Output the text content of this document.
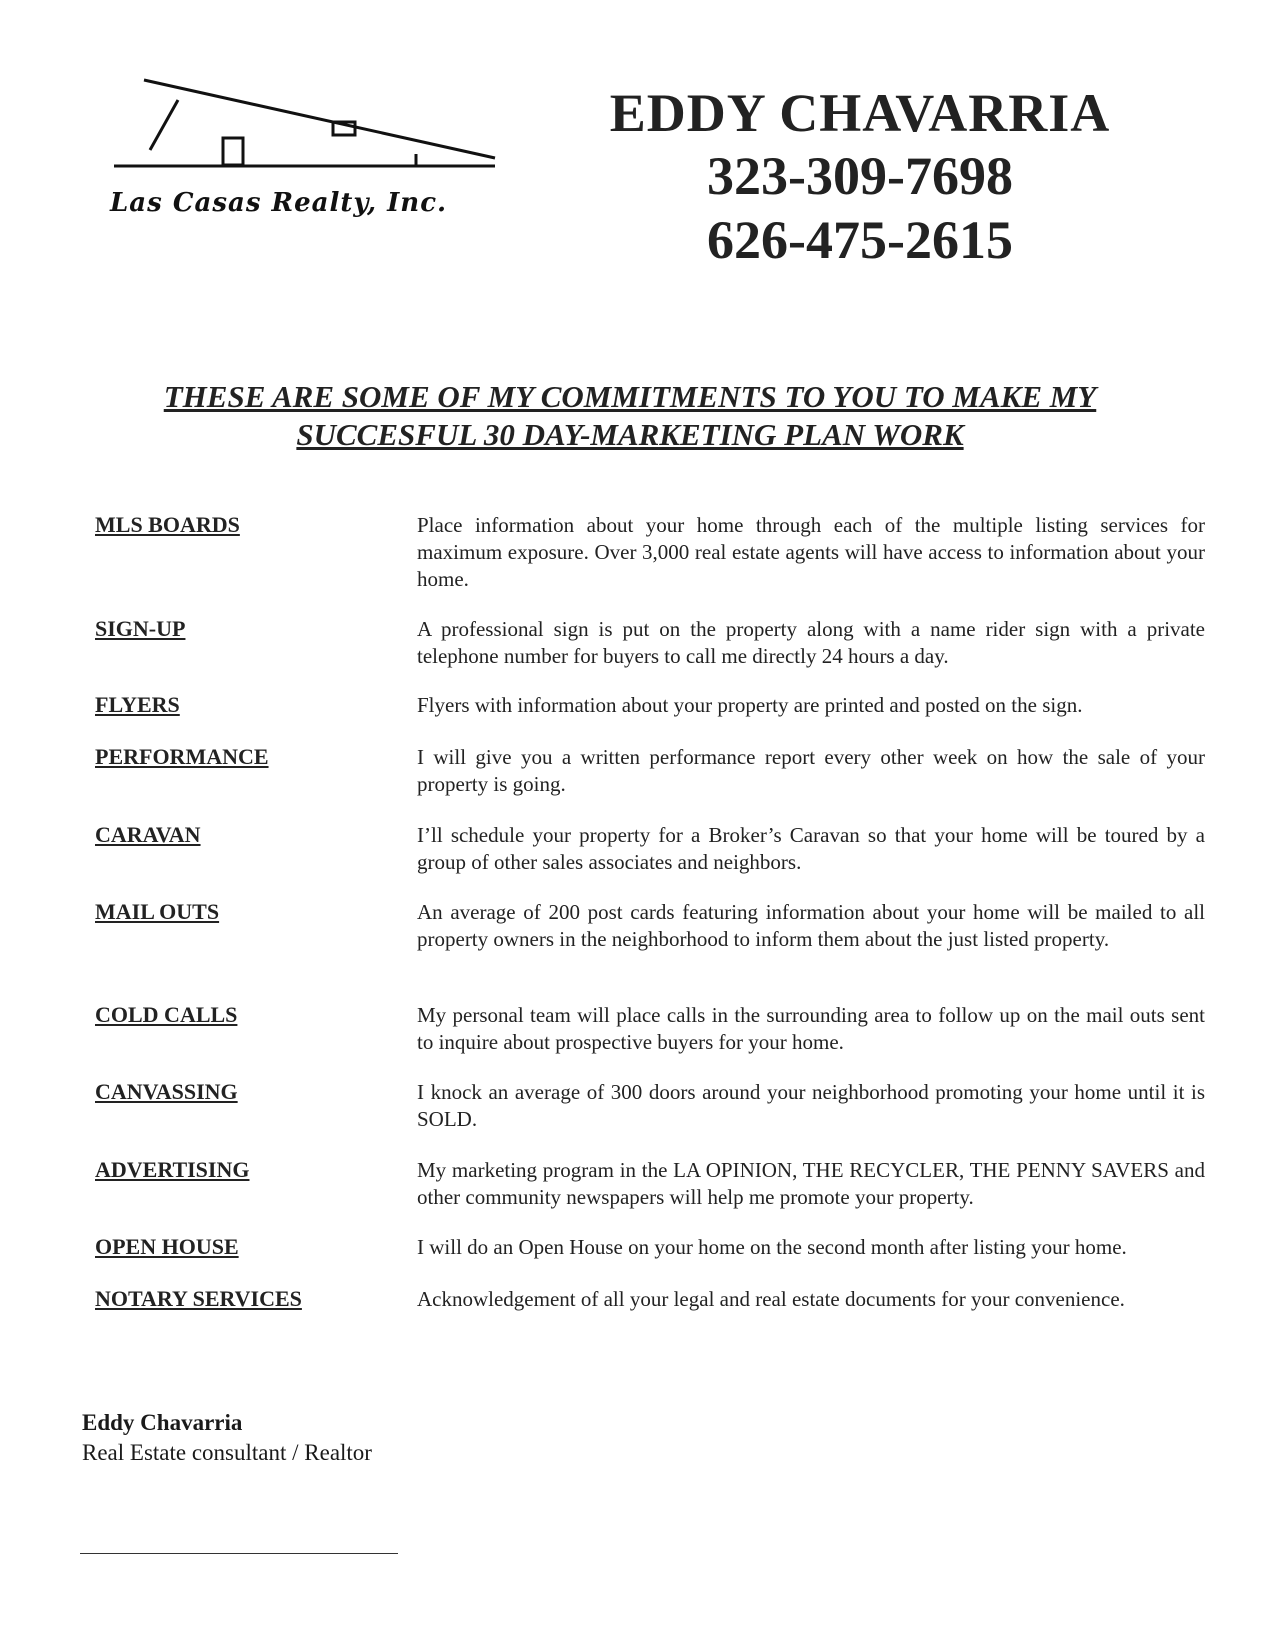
Las Casas Realty, Inc.
EDDY CHAVARRIA
323-309-7698
626-475-2615
THESE ARE SOME OF MY COMMITMENTS TO YOU TO MAKE MY
SUCCESFUL 30 DAY-MARKETING PLAN WORK
MLS BOARDS	Place information about your home through each of the multiple listing services for maximum exposure. Over 3,000 real estate agents will have access to information about your home.
SIGN-UP	A professional sign is put on the property along with a name rider sign with a private telephone number for buyers to call me directly 24 hours a day.
FLYERS	Flyers with information about your property are printed and posted on the sign.
PERFORMANCE	I will give you a written performance report every other week on how the sale of your property is going.
CARAVAN	I’ll schedule your property for a Broker’s Caravan so that your home will be toured by a group of other sales associates and neighbors.
MAIL OUTS	An average of 200 post cards featuring information about your home will be mailed to all property owners in the neighborhood to inform them about the just listed property.
COLD CALLS	My personal team will place calls in the surrounding area to follow up on the mail outs sent to inquire about prospective buyers for your home.
CANVASSING	I knock an average of 300 doors around your neighborhood promoting your home until it is SOLD.
ADVERTISING	My marketing program in the LA OPINION, THE RECYCLER, THE PENNY SAVERS and other community newspapers will help me promote your property.
OPEN HOUSE	I will do an Open House on your home on the second month after listing your home.
NOTARY SERVICES	Acknowledgement of all your legal and real estate documents for your convenience.
Eddy Chavarria
Real Estate consultant / Realtor
